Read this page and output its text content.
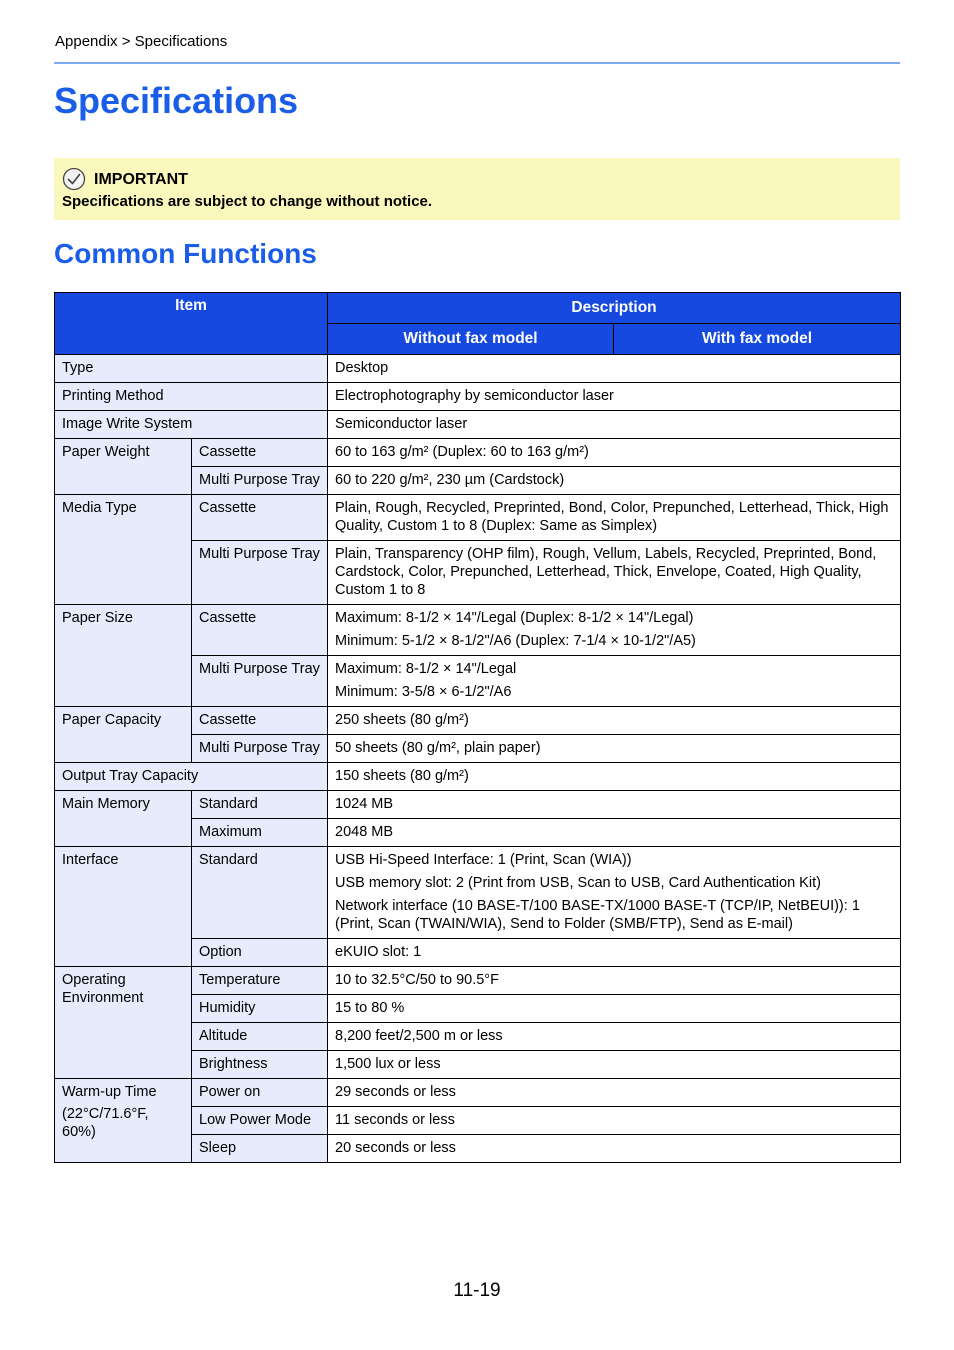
Appendix > Specifications
Specifications
IMPORTANT
Specifications are subject to change without notice.
Common Functions
Item		Description	
		Without fax model	With fax model
Type		Desktop	
Printing Method		Electrophotography by semiconductor laser	
Image Write System		Semiconductor laser	
Paper Weight	Cassette	60 to 163 g/m² (Duplex: 60 to 163 g/m²)	
	Multi Purpose Tray	60 to 220 g/m², 230 µm (Cardstock)	
Media Type	Cassette	Plain, Rough, Recycled, Preprinted, Bond, Color, Prepunched, Letterhead, Thick, High Quality, Custom 1 to 8 (Duplex: Same as Simplex)	
	Multi Purpose Tray	Plain, Transparency (OHP film), Rough, Vellum, Labels, Recycled, Preprinted, Bond, Cardstock, Color, Prepunched, Letterhead, Thick, Envelope, Coated, High Quality, Custom 1 to 8	
Paper Size	Cassette	Maximum: 8-1/2 × 14"/Legal (Duplex: 8-1/2 × 14"/Legal)

Minimum: 5-1/2 × 8-1/2"/A6 (Duplex: 7-1/4 × 10-1/2"/A5)	

	Multi Purpose Tray	Maximum: 8-1/2 × 14"/Legal

Minimum: 3-5/8 × 6-1/2"/A6	

Paper Capacity	Cassette	250 sheets (80 g/m²)	
	Multi Purpose Tray	50 sheets (80 g/m², plain paper)	
Output Tray Capacity		150 sheets (80 g/m²)	
Main Memory	Standard	1024 MB	
	Maximum	2048 MB	
Interface	Standard	USB Hi-Speed Interface: 1 (Print, Scan (WIA))

USB memory slot: 2 (Print from USB, Scan to USB, Card Authentication Kit)

Network interface (10 BASE-T/100 BASE-TX/1000 BASE-T (TCP/IP, NetBEUI)): 1 (Print, Scan (TWAIN/WIA), Send to Folder (SMB/FTP), Send as E-mail)	

	Option	eKUIO slot: 1	
Operating Environment	Temperature	10 to 32.5°C/50 to 90.5°F	
	Humidity	15 to 80 %	
	Altitude	8,200 feet/2,500 m or less	
	Brightness	1,500 lux or less	

Warm-up Time
(22°C/71.6°F, 60%)	Power on	29 seconds or less	
	Low Power Mode	11 seconds or less	
	Sleep	20 seconds or less	
11-19
